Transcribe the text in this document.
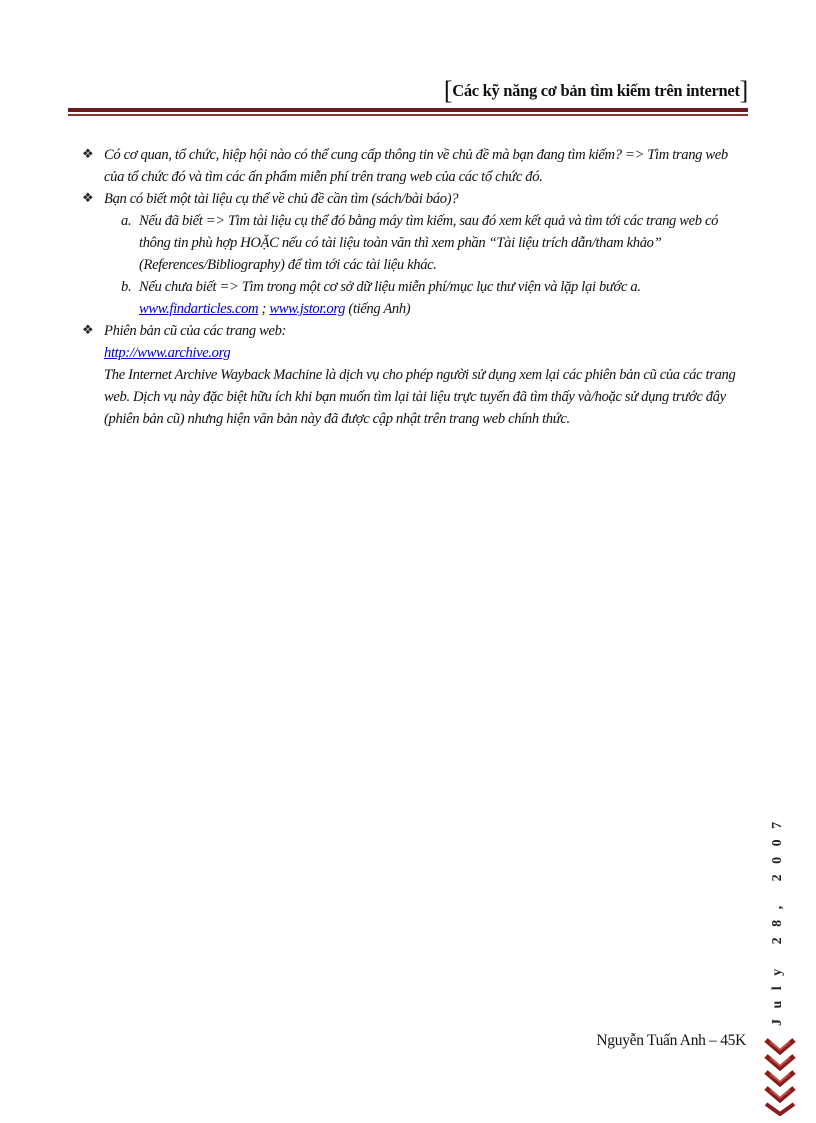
[Các kỹ năng cơ bản tìm kiếm trên internet]
❖ Có cơ quan, tổ chức, hiệp hội nào có thể cung cấp thông tin về chủ đề mà bạn đang tìm kiếm? => Tìm trang web của tổ chức đó và tìm các ấn phẩm miễn phí trên trang web của các tổ chức đó.

❖ Bạn có biết một tài liệu cụ thể về chủ đề cần tìm (sách/bài báo)?

a. Nếu đã biết => Tìm tài liệu cụ thể đó bằng máy tìm kiếm, sau đó xem kết quả và tìm tới các trang web có thông tin phù hợp HOẶC nếu có tài liệu toàn văn thì xem phần “Tài liệu trích dẫn/tham khảo” (References/Bibliography) để tìm tới các tài liệu khác.

b. Nếu chưa biết => Tìm trong một cơ sở dữ liệu miễn phí/mục lục thư viện và lặp lại bước a.

www.findarticles.com ; www.jstor.org (tiếng Anh)
❖ Phiên bản cũ của các trang web:

http://www.archive.org

The Internet Archive Wayback Machine là dịch vụ cho phép người sử dụng xem lại các phiên bản cũ của các trang web. Dịch vụ này đặc biệt hữu ích khi bạn muốn tìm lại tài liệu trực tuyến đã tìm thấy và/hoặc sử dụng trước đây (phiên bản cũ) nhưng hiện văn bản này đã được cập nhật trên trang web chính thức.

July 28, 2007
Nguyễn Tuấn Anh – 45K
